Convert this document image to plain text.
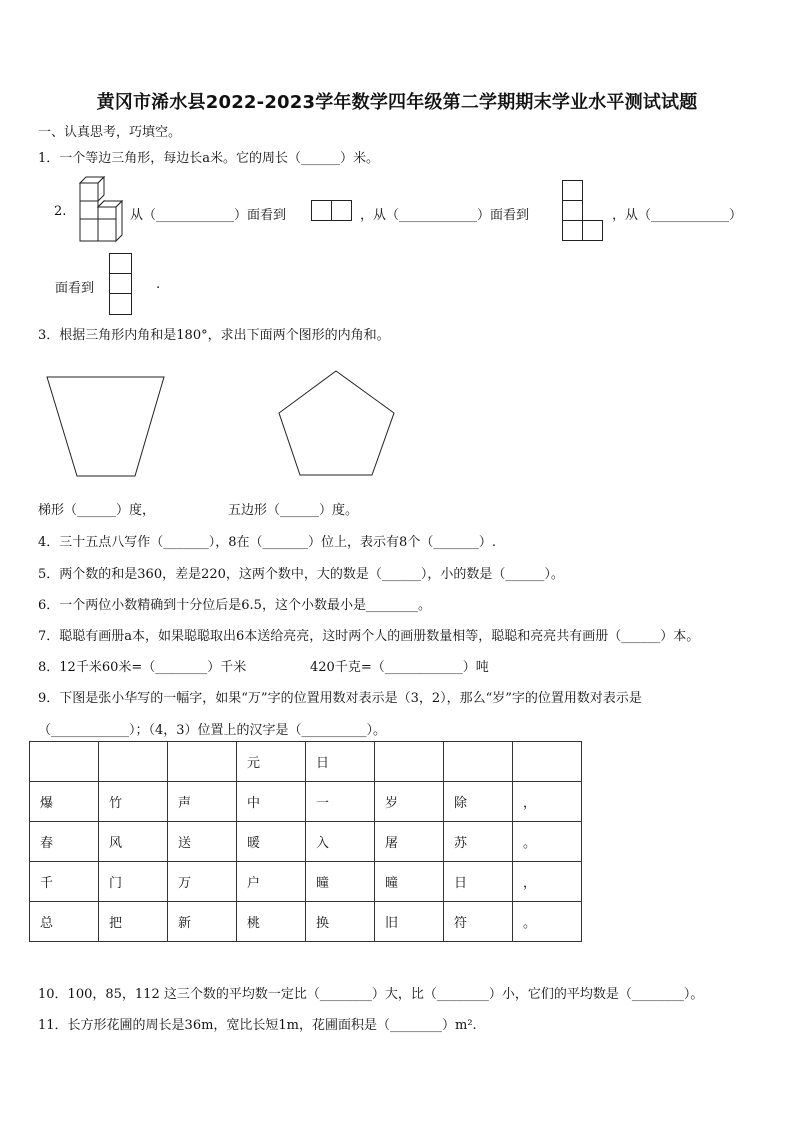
黄冈市浠水县2022-2023学年数学四年级第二学期期末学业水平测试试题
一、认真思考，巧填空。
1．一个等边三角形，每边长a米。它的周长（______）米。
2.	从（____________）面看到	，从（____________）面看到	，从（____________）
面看到	.
3．根据三角形内角和是180°，求出下面两个图形的内角和。
梯形（______）度，	五边形（______）度。
4．三十五点八写作（_______），8在（_______）位上，表示有8个（_______）.
5．两个数的和是360，差是220，这两个数中，大的数是（______），小的数是（______）。
6．一个两位小数精确到十分位后是6.5，这个小数最小是________。
7．聪聪有画册a本，如果聪聪取出6本送给亮亮，这时两个人的画册数量相等，聪聪和亮亮共有画册（______）本。
8．12千米60米=（________）千米	420千克=（____________）吨
9．下图是张小华写的一幅字，如果“万”字的位置用数对表示是（3，2），那么“岁”字的位置用数对表示是
（____________）；（4，3）位置上的汉字是（__________）。
			元	日			
爆	竹	声	中	一	岁	除	，
春	风	送	暖	入	屠	苏	。
千	门	万	户	曈	曈	日	，
总	把	新	桃	换	旧	符	。
10．100，85，112 这三个数的平均数一定比（________）大，比（________）小，它们的平均数是（________）。
11．长方形花圃的周长是36m，宽比长短1m，花圃面积是（________）m².
